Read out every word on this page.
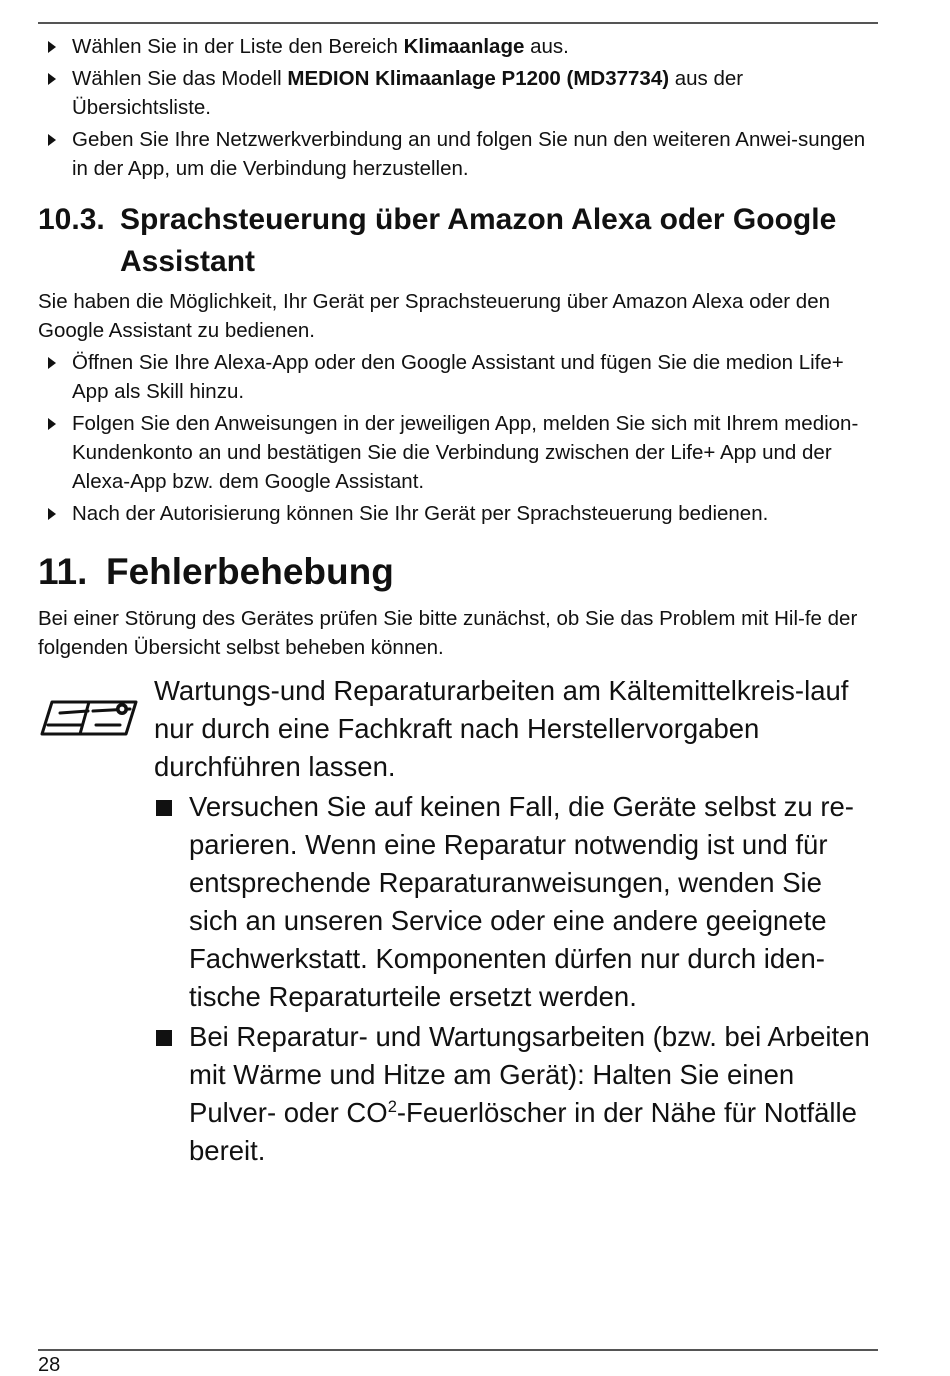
Wählen Sie in der Liste den Bereich Klimaanlage aus.
Wählen Sie das Modell MEDION Klimaanlage P1200 (MD37734) aus der Übersichtsliste.
Geben Sie Ihre Netzwerkverbindung an und folgen Sie nun den weiteren Anwei-sungen in der App, um die Verbindung herzustellen.
10.3. Sprachsteuerung über Amazon Alexa oder Google Assistant

Sie haben die Möglichkeit, Ihr Gerät per Sprachsteuerung über Amazon Alexa oder den Google Assistant zu bedienen.

Öffnen Sie Ihre Alexa-App oder den Google Assistant und fügen Sie die medion Life+ App als Skill hinzu.
Folgen Sie den Anweisungen in der jeweiligen App, melden Sie sich mit Ihrem medion-Kundenkonto an und bestätigen Sie die Verbindung zwischen der Life+ App und der Alexa-App bzw. dem Google Assistant.
Nach der Autorisierung können Sie Ihr Gerät per Sprachsteuerung bedienen.
11. Fehlerbehebung

Bei einer Störung des Gerätes prüfen Sie bitte zunächst, ob Sie das Problem mit Hil-fe der folgenden Übersicht selbst beheben können.

Wartungs-und Reparaturarbeiten am Kältemittelkreis-lauf nur durch eine Fachkraft nach Herstellervorgaben durchführen lassen.

Versuchen Sie auf keinen Fall, die Geräte selbst zu re-parieren. Wenn eine Reparatur notwendig ist und für entsprechende Reparaturanweisungen, wenden Sie sich an unseren Service oder eine andere geeignete Fachwerkstatt. Komponenten dürfen nur durch iden-tische Reparaturteile ersetzt werden.
Bei Reparatur- und Wartungsarbeiten (bzw. bei Arbeiten mit Wärme und Hitze am Gerät): Halten Sie einen Pulver- oder $CO^2$-Feuerlöscher in der Nähe für Notfälle bereit.
28
